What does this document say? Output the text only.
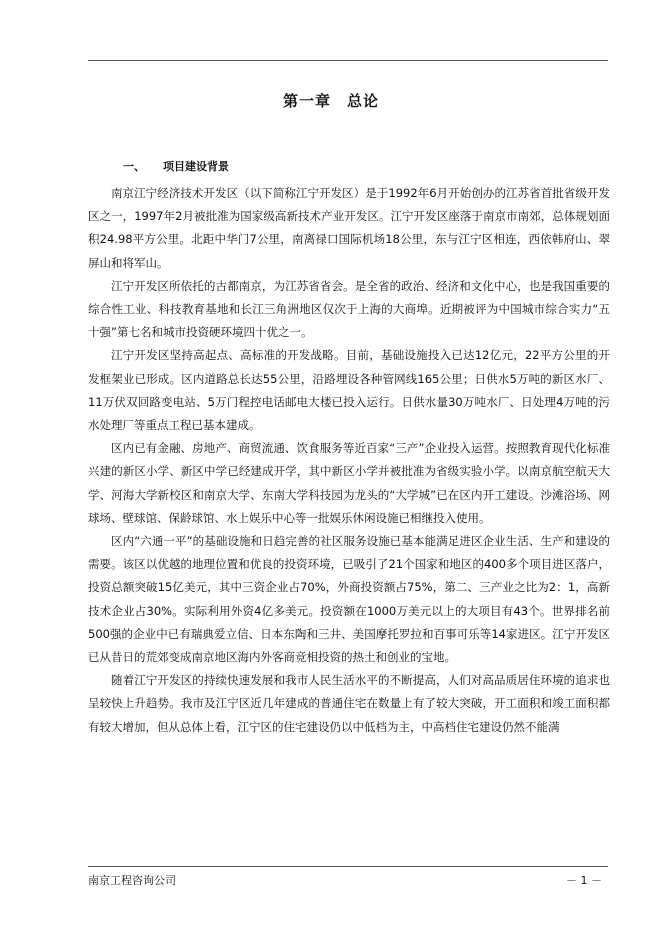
第一章　总论
一、 项目建设背景

南京江宁经济技术开发区（以下简称江宁开发区）是于1992年6月开始创办的江苏省首批省级开发区之一，1997年2月被批准为国家级高新技术产业开发区。江宁开发区座落于南京市南郊，总体规划面积24.98平方公里。北距中华门7公里，南离禄口国际机场18公里，东与江宁区相连，西依韩府山、翠屏山和将军山。

江宁开发区所依托的古都南京，为江苏省省会。是全省的政治、经济和文化中心，也是我国重要的综合性工业、科技教育基地和长江三角洲地区仅次于上海的大商埠。近期被评为中国城市综合实力“五十强”第七名和城市投资硬环境四十优之一。

江宁开发区坚持高起点、高标准的开发战略。目前，基础设施投入已达12亿元，22平方公里的开发框架业已形成。区内道路总长达55公里，沿路埋设各种管网线165公里；日供水5万吨的新区水厂、11万伏双回路变电站、5万门程控电话邮电大楼已投入运行。日供水量30万吨水厂、日处理4万吨的污水处理厂等重点工程已基本建成。

区内已有金融、房地产、商贸流通、饮食服务等近百家“三产”企业投入运营。按照教育现代化标准兴建的新区小学、新区中学已经建成开学，其中新区小学并被批准为省级实验小学。以南京航空航天大学、河海大学新校区和南京大学、东南大学科技园为龙头的“大学城”已在区内开工建设。沙滩浴场、网球场、壁球馆、保龄球馆、水上娱乐中心等一批娱乐休闲设施已相继投入使用。

区内“六通一平”的基础设施和日趋完善的社区服务设施已基本能满足进区企业生活、生产和建设的需要。该区以优越的地理位置和优良的投资环境，已吸引了21个国家和地区的400多个项目进区落户，投资总额突破15亿美元，其中三资企业占70%，外商投资额占75%，第二、三产业之比为2：1，高新技术企业占30%。实际利用外资4亿多美元。投资额在1000万美元以上的大项目有43个。世界排名前500强的企业中已有瑞典爱立信、日本东陶和三井、美国摩托罗拉和百事可乐等14家进区。江宁开发区已从昔日的荒郊变成南京地区海内外客商竞相投资的热土和创业的宝地。

随着江宁开发区的持续快速发展和我市人民生活水平的不断提高，人们对高品质居住环境的追求也呈较快上升趋势。我市及江宁区近几年建成的普通住宅在数量上有了较大突破，开工面积和竣工面积都有较大增加，但从总体上看，江宁区的住宅建设仍以中低档为主，中高档住宅建设仍然不能满

南京工程咨询公司	－ 1 －
